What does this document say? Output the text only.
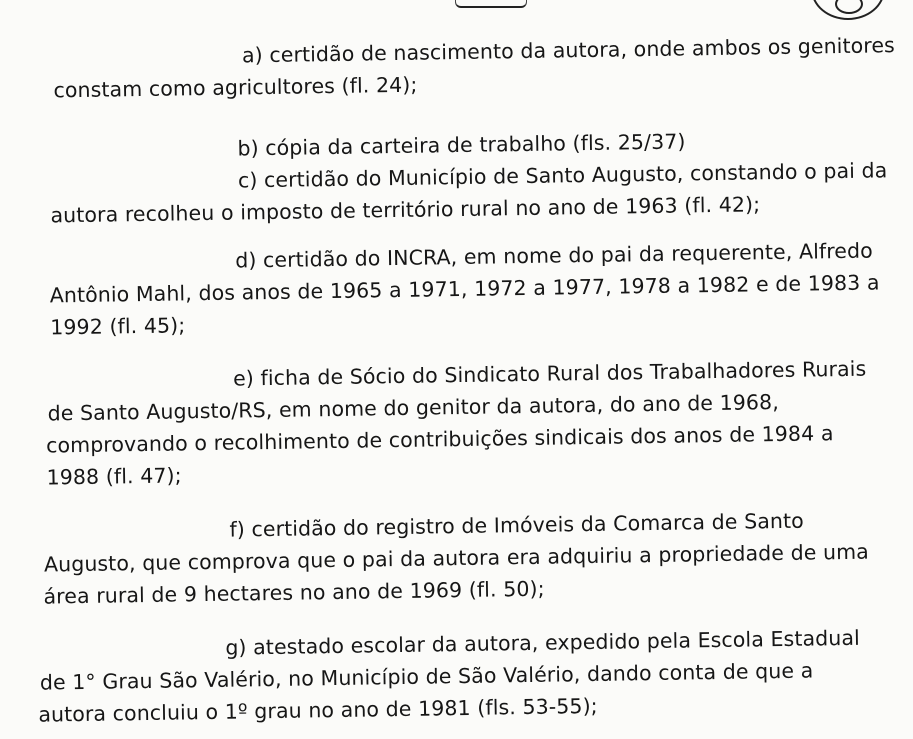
a) certidão de nascimento da autora, onde ambos os genitores
constam como agricultores (fl. 24);
b) cópia da carteira de trabalho (fls. 25/37)
c) certidão do Município de Santo Augusto, constando o pai da
autora recolheu o imposto de território rural no ano de 1963 (fl. 42);
d) certidão do INCRA, em nome do pai da requerente, Alfredo
Antônio Mahl, dos anos de 1965 a 1971, 1972 a 1977, 1978 a 1982 e de 1983 a
1992 (fl. 45);
e) ficha de Sócio do Sindicato Rural dos Trabalhadores Rurais
de Santo Augusto/RS, em nome do genitor da autora, do ano de 1968,
comprovando o recolhimento de contribuições sindicais dos anos de 1984 a
1988 (fl. 47);
f) certidão do registro de Imóveis da Comarca de Santo
Augusto, que comprova que o pai da autora era adquiriu a propriedade de uma
área rural de 9 hectares no ano de 1969 (fl. 50);
g) atestado escolar da autora, expedido pela Escola Estadual
de 1° Grau São Valério, no Município de São Valério, dando conta de que a
autora concluiu o 1º grau no ano de 1981 (fls. 53-55);
